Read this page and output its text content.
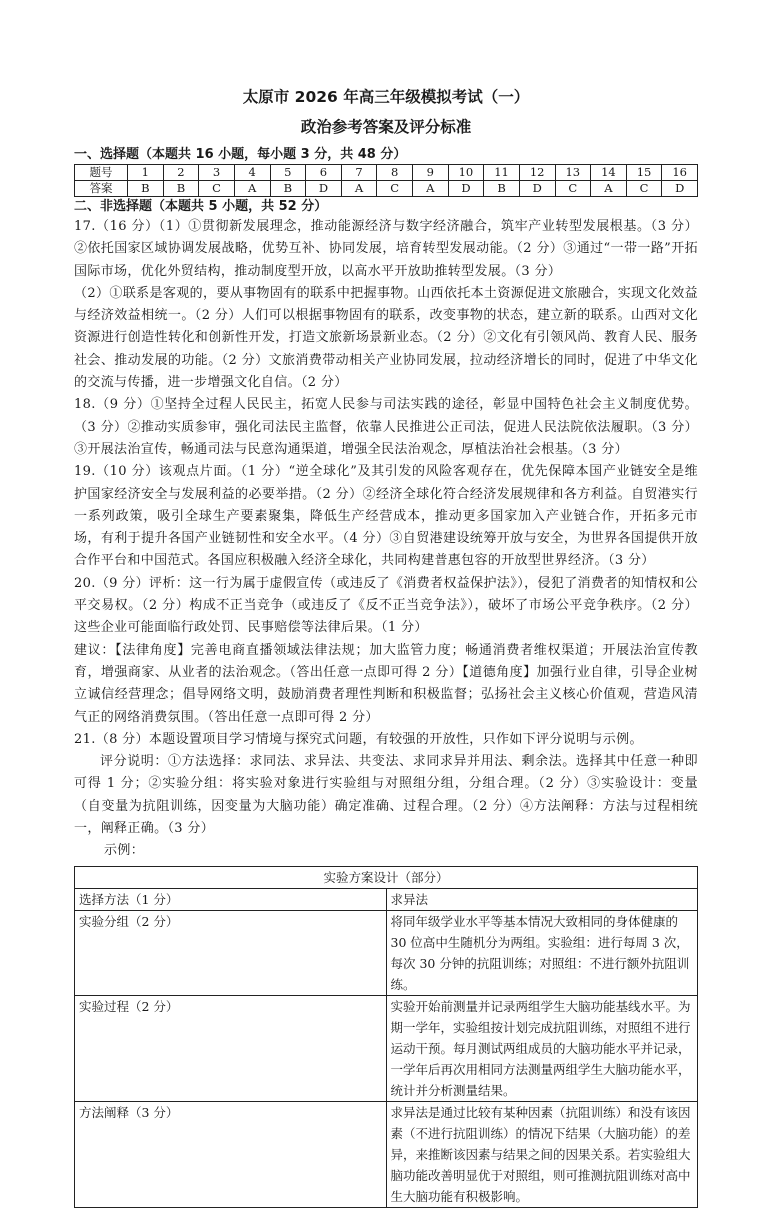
太原市 2026 年高三年级模拟考试（一）
政治参考答案及评分标准
一、选择题（本题共 16 小题，每小题 3 分，共 48 分）
题号	1	2	3	4	5	6	7	8	9	10	11	12	13	14	15	16
答案	B	B	C	A	B	D	A	C	A	D	B	D	C	A	C	D
二、非选择题（本题共 5 小题，共 52 分）

17.（16 分）（1）①贯彻新发展理念，推动能源经济与数字经济融合，筑牢产业转型发展根基。（3 分）②依托国家区域协调发展战略，优势互补、协同发展，培育转型发展动能。（2 分）③通过“一带一路”开拓国际市场，优化外贸结构，推动制度型开放，以高水平开放助推转型发展。（3 分）

（2）①联系是客观的，要从事物固有的联系中把握事物。山西依托本土资源促进文旅融合，实现文化效益与经济效益相统一。（2 分）人们可以根据事物固有的联系，改变事物的状态，建立新的联系。山西对文化资源进行创造性转化和创新性开发，打造文旅新场景新业态。（2 分）②文化有引领风尚、教育人民、服务社会、推动发展的功能。（2 分）文旅消费带动相关产业协同发展，拉动经济增长的同时，促进了中华文化的交流与传播，进一步增强文化自信。（2 分）

18.（9 分）①坚持全过程人民民主，拓宽人民参与司法实践的途径，彰显中国特色社会主义制度优势。（3 分）②推动实质参审，强化司法民主监督，依靠人民推进公正司法，促进人民法院依法履职。（3 分）③开展法治宣传，畅通司法与民意沟通渠道，增强全民法治观念，厚植法治社会根基。（3 分）

19.（10 分）该观点片面。（1 分）“逆全球化”及其引发的风险客观存在，优先保障本国产业链安全是维护国家经济安全与发展利益的必要举措。（2 分）②经济全球化符合经济发展规律和各方利益。自贸港实行一系列政策，吸引全球生产要素聚集，降低生产经营成本，推动更多国家加入产业链合作，开拓多元市场，有利于提升各国产业链韧性和安全水平。（4 分）③自贸港建设统筹开放与安全，为世界各国提供开放合作平台和中国范式。各国应积极融入经济全球化，共同构建普惠包容的开放型世界经济。（3 分）

20.（9 分）评析：这一行为属于虚假宣传（或违反了《消费者权益保护法》），侵犯了消费者的知情权和公平交易权。（2 分）构成不正当竞争（或违反了《反不正当竞争法》），破坏了市场公平竞争秩序。（2 分）这些企业可能面临行政处罚、民事赔偿等法律后果。（1 分）

建议：【法律角度】完善电商直播领域法律法规；加大监管力度；畅通消费者维权渠道；开展法治宣传教育，增强商家、从业者的法治观念。（答出任意一点即可得 2 分）【道德角度】加强行业自律，引导企业树立诚信经营理念；倡导网络文明，鼓励消费者理性判断和积极监督；弘扬社会主义核心价值观，营造风清气正的网络消费氛围。（答出任意一点即可得 2 分）

21.（8 分）本题设置项目学习情境与探究式问题，有较强的开放性，只作如下评分说明与示例。

评分说明：①方法选择：求同法、求异法、共变法、求同求异并用法、剩余法。选择其中任意一种即可得 1 分；②实验分组：将实验对象进行实验组与对照组分组，分组合理。（2 分）③实验设计：变量（自变量为抗阻训练，因变量为大脑功能）确定准确、过程合理。（2 分）④方法阐释：方法与过程相统一，阐释正确。（3 分）

示例：

实验方案设计（部分）	
选择方法（1 分）	求异法
实验分组（2 分）	将同年级学业水平等基本情况大致相同的身体健康的 30 位高中生随机分为两组。实验组：进行每周 3 次，每次 30 分钟的抗阻训练；对照组：不进行额外抗阻训练。
实验过程（2 分）	实验开始前测量并记录两组学生大脑功能基线水平。为期一学年，实验组按计划完成抗阻训练，对照组不进行运动干预。每月测试两组成员的大脑功能水平并记录，一学年后再次用相同方法测量两组学生大脑功能水平，统计并分析测量结果。
方法阐释（3 分）	求异法是通过比较有某种因素（抗阻训练）和没有该因素（不进行抗阻训练）的情况下结果（大脑功能）的差异，来推断该因素与结果之间的因果关系。若实验组大脑功能改善明显优于对照组，则可推测抗阻训练对高中生大脑功能有积极影响。
